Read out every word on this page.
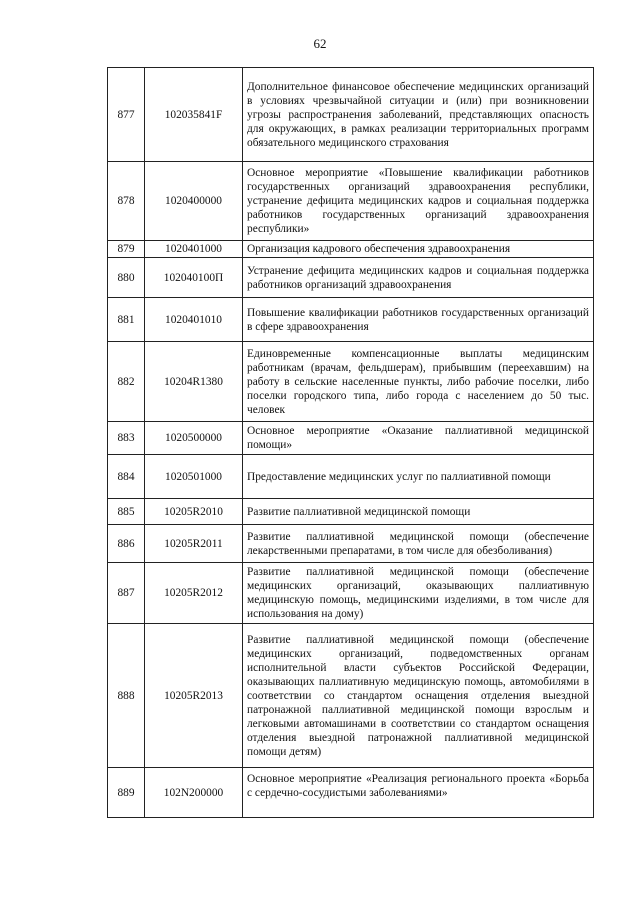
62
877	102035841F	Дополнительное финансовое обеспечение медицинских организаций в условиях чрезвычайной ситуации и (или) при возникновении угрозы распространения заболеваний, представляющих опасность для окружающих, в рамках реализации территориальных программ обязательного медицинского страхования
878	1020400000	Основное мероприятие «Повышение квалификации работников государственных организаций здравоохранения республики, устранение дефицита медицинских кадров и социальная поддержка работников государственных организаций здравоохранения республики»
879	1020401000	Организация кадрового обеспечения здравоохранения
880	102040100П	Устранение дефицита медицинских кадров и социальная поддержка работников организаций здравоохранения
881	1020401010	Повышение квалификации работников государственных организаций в сфере здравоохранения
882	10204R1380	Единовременные компенсационные выплаты медицинским работникам (врачам, фельдшерам), прибывшим (переехавшим) на работу в сельские населенные пункты, либо рабочие поселки, либо поселки городского типа, либо города с населением до 50 тыс. человек
883	1020500000	Основное мероприятие «Оказание паллиативной медицинской помощи»
884	1020501000	Предоставление медицинских услуг по паллиативной помощи
885	10205R2010	Развитие паллиативной медицинской помощи
886	10205R2011	Развитие паллиативной медицинской помощи (обеспечение лекарственными препаратами, в том числе для обезболивания)
887	10205R2012	Развитие паллиативной медицинской помощи (обеспечение медицинских организаций, оказывающих паллиативную медицинскую помощь, медицинскими изделиями, в том числе для использования на дому)
888	10205R2013	Развитие паллиативной медицинской помощи (обеспечение медицинских организаций, подведомственных органам исполнительной власти субъектов Российской Федерации, оказывающих паллиативную медицинскую помощь, автомобилями в соответствии со стандартом оснащения отделения выездной патронажной паллиативной медицинской помощи взрослым и легковыми автомашинами в соответствии со стандартом оснащения отделения выездной патронажной паллиативной медицинской помощи детям)
889	102N200000	Основное мероприятие «Реализация регионального проекта «Борьба с сердечно-сосудистыми заболеваниями»
